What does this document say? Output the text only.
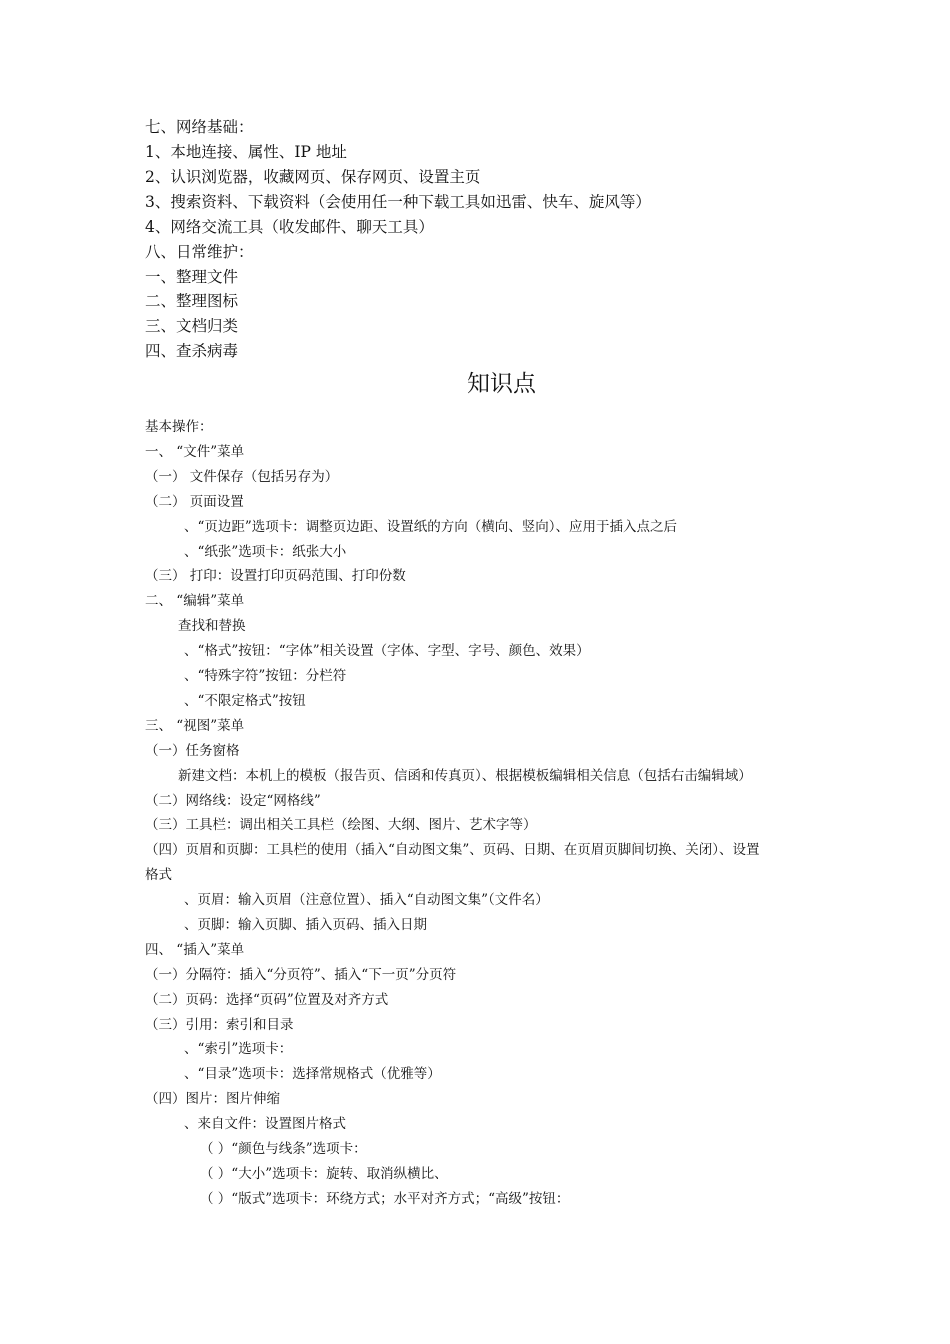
七、网络基础：
1、本地连接、属性、IP 地址
2、认识浏览器，收藏网页、保存网页、设置主页
3、搜索资料、下载资料（会使用任一种下载工具如迅雷、快车、旋风等）
4、网络交流工具（收发邮件、聊天工具）
八、日常维护：
一、整理文件
二、整理图标
三、文档归类
四、查杀病毒
知识点
基本操作：
一、 “文件”菜单
（一） 文件保存（包括另存为）
（二） 页面设置
、“页边距”选项卡：调整页边距、设置纸的方向（横向、竖向）、应用于插入点之后
、“纸张”选项卡：纸张大小
（三） 打印：设置打印页码范围、打印份数
二、 “编辑”菜单
查找和替换
、“格式”按钮：“字体”相关设置（字体、字型、字号、颜色、效果）
、“特殊字符”按钮：分栏符
、“不限定格式”按钮
三、 “视图”菜单
（一）任务窗格
新建文档：本机上的模板（报告页、信函和传真页）、根据模板编辑相关信息（包括右击编辑域）
（二）网络线：设定“网格线”
（三）工具栏：调出相关工具栏（绘图、大纲、图片、艺术字等）
（四）页眉和页脚：工具栏的使用（插入“自动图文集”、页码、日期、在页眉页脚间切换、关闭）、设置
格式
、页眉：输入页眉（注意位置）、插入“自动图文集”（文件名）
、页脚：输入页脚、插入页码、插入日期
四、 “插入”菜单
（一）分隔符：插入“分页符”、插入“下一页”分页符
（二）页码：选择“页码”位置及对齐方式
（三）引用：索引和目录
、“索引”选项卡：
、“目录”选项卡：选择常规格式（优雅等）
（四）图片：图片伸缩
、来自文件：设置图片格式
（ ）“颜色与线条”选项卡：
（ ）“大小”选项卡：旋转、取消纵横比、
（ ）“版式”选项卡：环绕方式；水平对齐方式；“高级”按钮：
